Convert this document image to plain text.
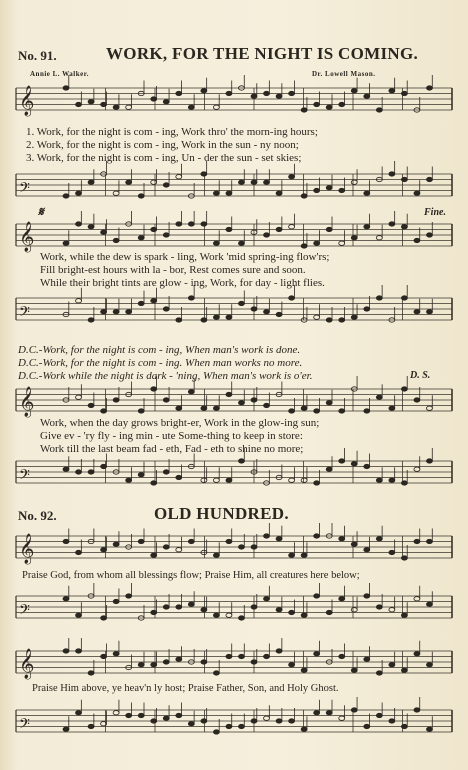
No. 91.	WORK, FOR THE NIGHT IS COMING.
Annie L. Walker.	Dr. Lowell Mason.
𝄞
1. Work, for the night is com - ing, Work thro' the morn-ing hours;
2. Work, for the night is com - ing, Work in the sun - ny noon;
3. Work, for the night is com - ing, Un - der the sun - set skies;
𝄢
𝄋	Fine.
𝄞
Work, while the dew is spark - ling, Work 'mid spring-ing flow'rs;
Fill bright-est hours with la - bor, Rest comes sure and soon.
While their bright tints are glow - ing, Work, for day - light flies.
𝄢
D.C.-Work, for the night is com - ing, When man's work is done.
D.C.-Work, for the night is com - ing. When man works no more.
D.C.-Work while the night is dark - 'ning, When man's work is o'er.	D. S.
𝄞
Work, when the day grows bright-er, Work in the glow-ing sun;
Give ev - 'ry fly - ing min - ute Some-thing to keep in store:
Work till the last beam fad - eth, Fad - eth to shine no more;
𝄢
No. 92.	OLD HUNDRED.
𝄞
Praise God, from whom all blessings flow; Praise Him, all creatures here below;
𝄢
𝄞
Praise Him above, ye heav'n ly host; Praise Father, Son, and Holy Ghost.
𝄢
